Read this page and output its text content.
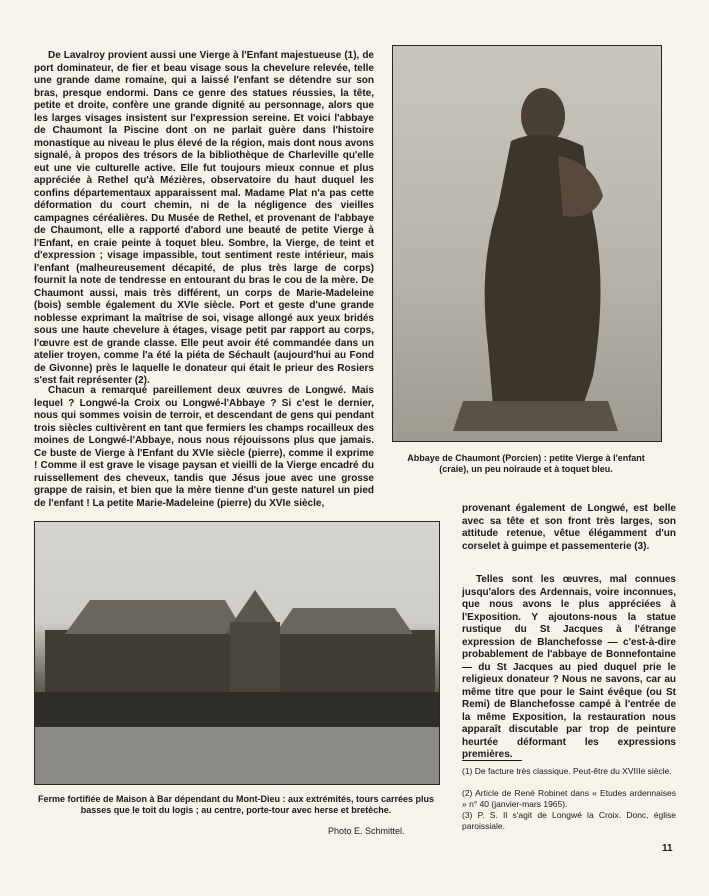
De Lavalroy provient aussi une Vierge à l'Enfant majestueuse (1), de port dominateur, de fier et beau visage sous la chevelure relevée, telle une grande dame romaine, qui a laissé l'enfant se détendre sur son bras, presque endormi. Dans ce genre des statues réussies, la tête, petite et droite, confère une grande dignité au personnage, alors que les larges visages insistent sur l'expression sereine. Et voici l'abbaye de Chaumont la Piscine dont on ne parlait guère dans l'histoire monastique au niveau le plus élevé de la région, mais dont nous avons signalé, à propos des trésors de la bibliothèque de Charleville qu'elle eut une vie culturelle active. Elle fut toujours mieux connue et plus appréciée à Rethel qu'à Mézières, observatoire du haut duquel les confins départementaux apparaissent mal. Madame Plat n'a pas cette déformation du court chemin, ni de la négligence des vieilles campagnes céréalières. Du Musée de Rethel, et provenant de l'abbaye de Chaumont, elle a rapporté d'abord une beauté de petite Vierge à l'Enfant, en craie peinte à toquet bleu. Sombre, la Vierge, de teint et d'expression ; visage impassible, tout sentiment reste intérieur, mais l'enfant (malheureusement décapité, de plus très large de corps) fournit la note de tendresse en entourant du bras le cou de la mère. De Chaumont aussi, mais très différent, un corps de Marie-Madeleine (bois) semble également du XVIe siècle. Port et geste d'une grande noblesse exprimant la maîtrise de soi, visage allongé aux yeux bridés sous une haute chevelure à étages, visage petit par rapport au corps, l'œuvre est de grande classe. Elle peut avoir été commandée dans un atelier troyen, comme l'a été la piéta de Séchault (aujourd'hui au Fond de Givonne) près le laquelle le donateur qui était le prieur des Rosiers s'est fait représenter (2).

Chacun a remarqué pareillement deux œuvres de Longwé. Mais lequel ? Longwé-la Croix ou Longwé-l'Abbaye ? Si c'est le dernier, nous qui sommes voisin de terroir, et descendant de gens qui pendant trois siècles cultivèrent en tant que fermiers les champs rocailleux des moines de Longwé-l'Abbaye, nous nous réjouissons plus que jamais. Ce buste de Vierge à l'Enfant du XVIe siècle (pierre), comme il exprime ! Comme il est grave le visage paysan et vieilli de la Vierge encadré du ruissellement des cheveux, tandis que Jésus joue avec une grosse grappe de raisin, et bien que la mère tienne d'un geste naturel un pied de l'enfant ! La petite Marie-Madeleine (pierre) du XVIe siècle,

Abbaye de Chaumont (Porcien) : petite Vierge à l'enfant (craie), un peu noiraude et à toquet bleu.

Ferme fortifiée de Maison à Bar dépendant du Mont-Dieu : aux extrémités, tours carrées plus basses que le toit du logis ; au centre, porte-tour avec herse et bretèche.

Photo E. Schmittel.

provenant également de Longwé, est belle avec sa tête et son front très larges, son attitude retenue, vêtue élégamment d'un corselet à guimpe et passementerie (3).

Telles sont les œuvres, mal connues jusqu'alors des Ardennais, voire inconnues, que nous avons le plus appréciées à l'Exposition. Y ajoutons-nous la statue rustique du St Jacques à l'étrange expression de Blanchefosse — c'est-à-dire probablement de l'abbaye de Bonnefontaine — du St Jacques au pied duquel prie le religieux donateur ? Nous ne savons, car au même titre que pour le Saint évêque (ou St Remi) de Blanchefosse campé à l'entrée de la même Exposition, la restauration nous apparaît discutable par trop de peinture heurtée déformant les expressions premières.

(1) De facture très classique. Peut-être du XVIIIe siècle.

(2) Article de René Robinet dans « Etudes ardennaises » n° 40 (janvier-mars 1965).

(3) P. S. Il s'agit de Longwé la Croix. Donc, église paroissiale.

11
